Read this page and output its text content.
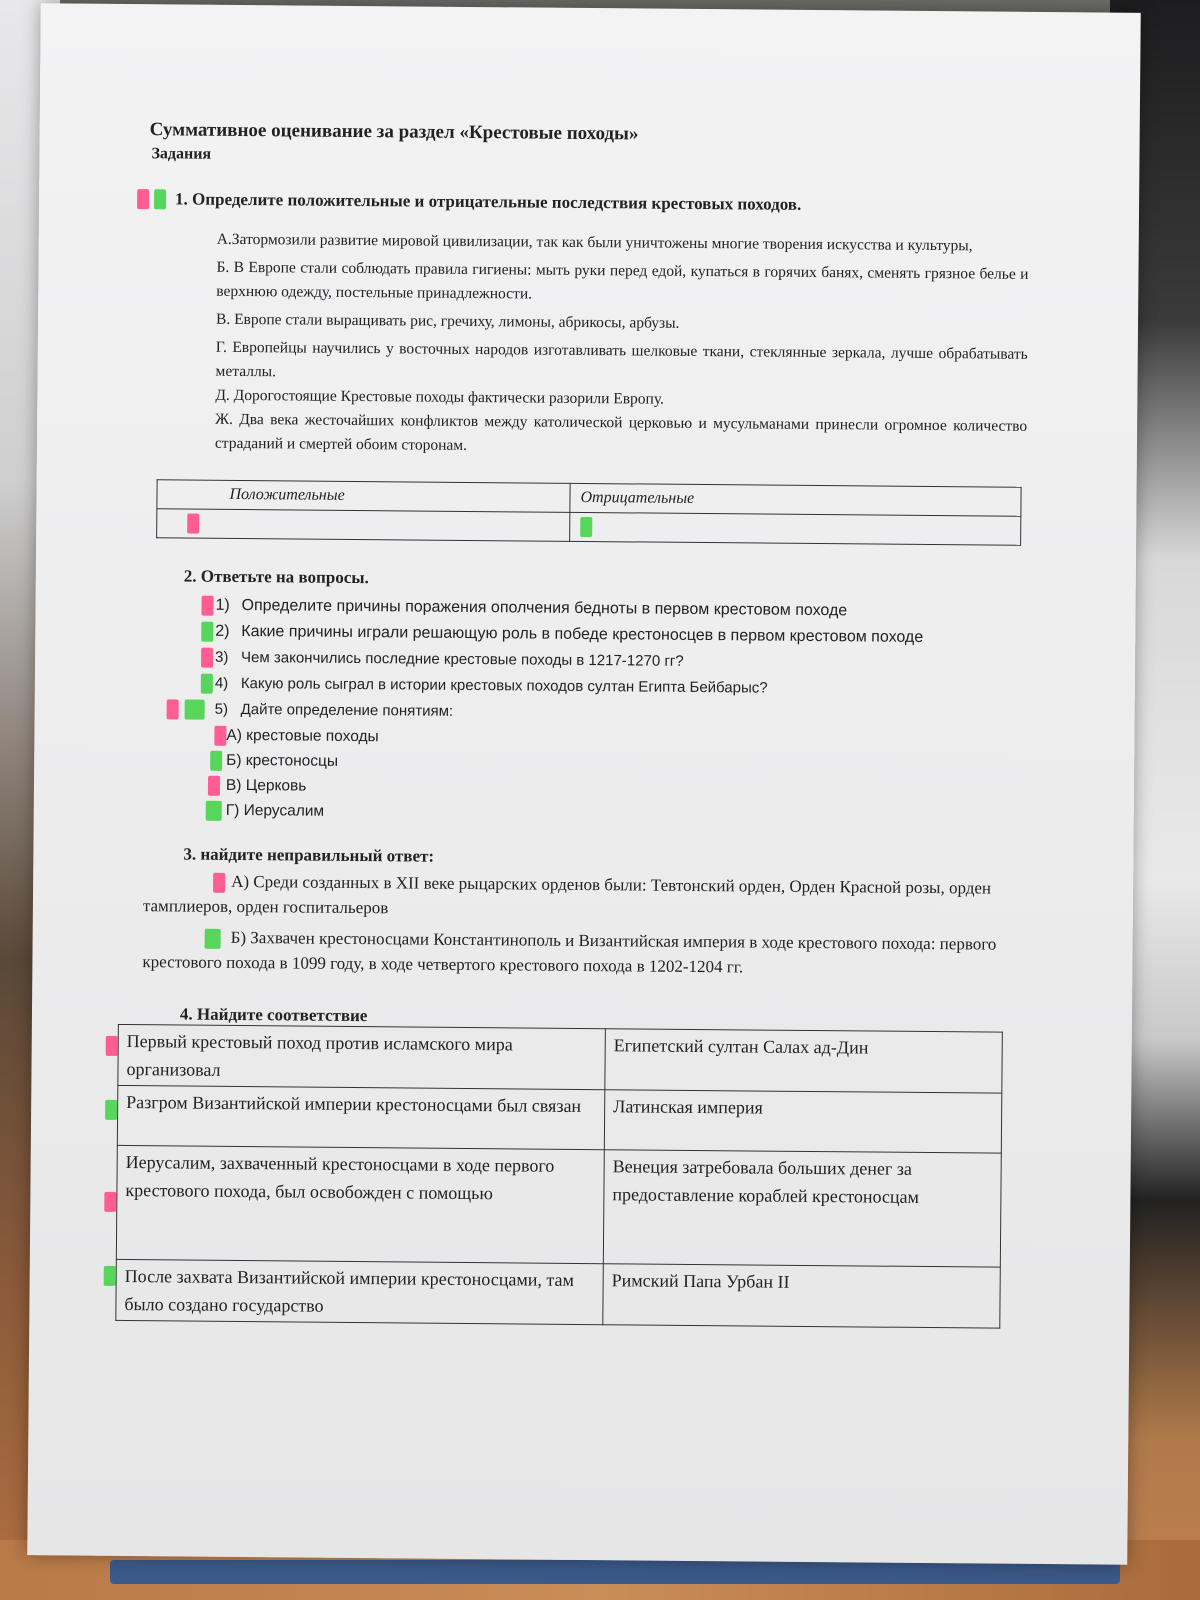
Суммативное оценивание за раздел «Крестовые походы»
Задания
1. Определите положительные и отрицательные последствия крестовых походов.

А.Затормозили развитие мировой цивилизации, так как были уничтожены многие творения искусства и культуры,

Б. В Европе стали соблюдать правила гигиены: мыть руки перед едой, купаться в горячих банях, сменять грязное белье и верхнюю одежду, постельные принадлежности.

В. Европе стали выращивать рис, гречиху, лимоны, абрикосы, арбузы.

Г. Европейцы научились у восточных народов изготавливать шелковые ткани, стеклянные зеркала, лучше обрабатывать металлы.

Д. Дорогостоящие Крестовые походы фактически разорили Европу.

Ж. Два века жесточайших конфликтов между католической церковью и мусульманами принесли огромное количество страданий и смертей обоим сторонам.

Положительные	Отрицательные

2. Ответьте на вопросы.
1) Определите причины поражения ополчения бедноты в первом крестовом походе
2) Какие причины играли решающую роль в победе крестоносцев в первом крестовом походе
3) Чем закончились последние крестовые походы в 1217-1270 гг?
4) Какую роль сыграл в истории крестовых походов султан Египта Бейбарыс?
5) Дайте определение понятиям:
А) крестовые походы
Б) крестоносцы
В) Церковь
Г) Иерусалим
3. найдите неправильный ответ:

А) Среди созданных в XII веке рыцарских орденов были: Тевтонский орден, Орден Красной розы, орден тамплиеров, орден госпитальеров

Б) Захвачен крестоносцами Константинополь и Византийская империя в ходе крестового похода: первого крестового похода в 1099 году, в ходе четвертого крестового похода в 1202-1204 гг.

4. Найдите соответствие
Первый крестовый поход против исламского мира организовал	Египетский султан Салах ад-Дин
Разгром Византийской империи крестоносцами был связан	Латинская империя
Иерусалим, захваченный крестоносцами в ходе первого крестового похода, был освобожден с помощью	Венеция затребовала больших денег за предоставление кораблей крестоносцам
После захвата Византийской империи крестоносцами, там было создано государство	Римский Папа Урбан II
